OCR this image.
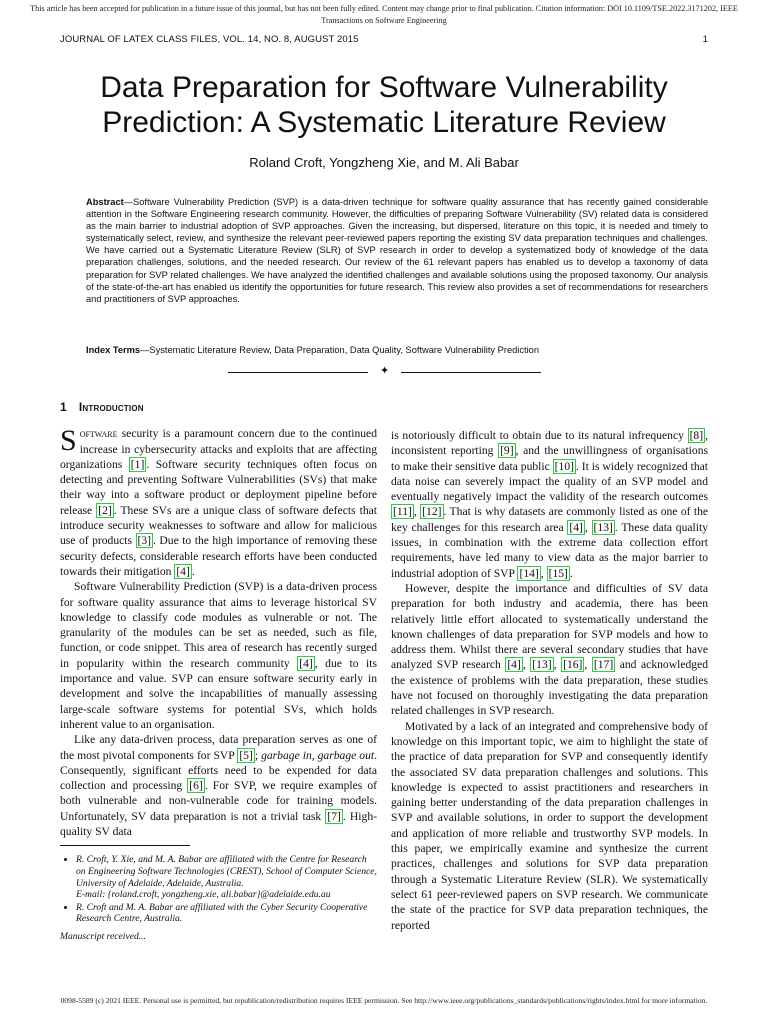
This article has been accepted for publication in a future issue of this journal, but has not been fully edited. Content may change prior to final publication. Citation information: DOI 10.1109/TSE.2022.3171202, IEEE Transactions on Software Engineering
JOURNAL OF LATEX CLASS FILES, VOL. 14, NO. 8, AUGUST 2015	1
Data Preparation for Software Vulnerability
Prediction: A Systematic Literature Review
Roland Croft, Yongzheng Xie, and M. Ali Babar
Abstract—Software Vulnerability Prediction (SVP) is a data-driven technique for software quality assurance that has recently gained considerable attention in the Software Engineering research community. However, the difficulties of preparing Software Vulnerability (SV) related data is considered as the main barrier to industrial adoption of SVP approaches. Given the increasing, but dispersed, literature on this topic, it is needed and timely to systematically select, review, and synthesize the relevant peer-reviewed papers reporting the existing SV data preparation techniques and challenges. We have carried out a Systematic Literature Review (SLR) of SVP research in order to develop a systematized body of knowledge of the data preparation challenges, solutions, and the needed research. Our review of the 61 relevant papers has enabled us to develop a taxonomy of data preparation for SVP related challenges. We have analyzed the identified challenges and available solutions using the proposed taxonomy. Our analysis of the state-of-the-art has enabled us identify the opportunities for future research. This review also provides a set of recommendations for researchers and practitioners of SVP approaches.
Index Terms—Systematic Literature Review, Data Preparation, Data Quality, Software Vulnerability Prediction
✦
1 Introduction

Software security is a paramount concern due to the continued increase in cybersecurity attacks and exploits that are affecting organizations [1] . Software security techniques often focus on detecting and preventing Software Vulnerabilities (SVs) that make their way into a software product or deployment pipeline before release [2] . These SVs are a unique class of software defects that introduce security weaknesses to software and allow for malicious use of products [3] . Due to the high importance of removing these security defects, considerable research efforts have been conducted towards their mitigation [4] .

Software Vulnerability Prediction (SVP) is a data-driven process for software quality assurance that aims to leverage historical SV knowledge to classify code modules as vulnerable or not. The granularity of the modules can be set as needed, such as file, function, or code snippet. This area of research has recently surged in popularity within the research community [4] , due to its importance and value. SVP can ensure software security early in development and solve the incapabilities of manually assessing large-scale software systems for potential SVs, which holds inherent value to an organisation.

Like any data-driven process, data preparation serves as one of the most pivotal components for SVP [5] ; garbage in, garbage out. Consequently, significant efforts need to be expended for data collection and processing [6] . For SVP, we require examples of both vulnerable and non-vulnerable code for training models. Unfortunately, SV data preparation is not a trivial task [7] . High-quality SV data

• R. Croft, Y. Xie, and M. A. Babar are affiliated with the Centre for Research on Engineering Software Technologies (CREST), School of Computer Science, University of Adelaide, Adelaide, Australia.
E-mail: {roland.croft, yongzheng.xie, ali.babar}@adelaide.edu.au
• R. Croft and M. A. Babar are affiliated with the Cyber Security Cooperative Research Centre, Australia.
Manuscript received...

is notoriously difficult to obtain due to its natural infrequency [8] , inconsistent reporting [9] , and the unwillingness of organisations to make their sensitive data public [10] . It is widely recognized that data noise can severely impact the quality of an SVP model and eventually negatively impact the validity of the research outcomes [11] , [12] . That is why datasets are commonly listed as one of the key challenges for this research area [4] , [13] . These data quality issues, in combination with the extreme data collection effort requirements, have led many to view data as the major barrier to industrial adoption of SVP [14] , [15] .

However, despite the importance and difficulties of SV data preparation for both industry and academia, there has been relatively little effort allocated to systematically understand the known challenges of data preparation for SVP models and how to address them. Whilst there are several secondary studies that have analyzed SVP research [4] , [13] , [16] , [17] and acknowledged the existence of problems with the data preparation, these studies have not focused on thoroughly investigating the data preparation related challenges in SVP research.

Motivated by a lack of an integrated and comprehensive body of knowledge on this important topic, we aim to highlight the state of the practice of data preparation for SVP and consequently identify the associated SV data preparation challenges and solutions. This knowledge is expected to assist practitioners and researchers in gaining better understanding of the data preparation challenges in SVP and available solutions, in order to support the development and application of more reliable and trustworthy SVP models. In this paper, we empirically examine and synthesize the current practices, challenges and solutions for SVP data preparation through a Systematic Literature Review (SLR). We systematically select 61 peer-reviewed papers on SVP research. We communicate the state of the practice for SVP data preparation techniques, the reported

0098-5589 (c) 2021 IEEE. Personal use is permitted, but republication/redistribution requires IEEE permission. See http://www.ieee.org/publications_standards/publications/rights/index.html for more information.
